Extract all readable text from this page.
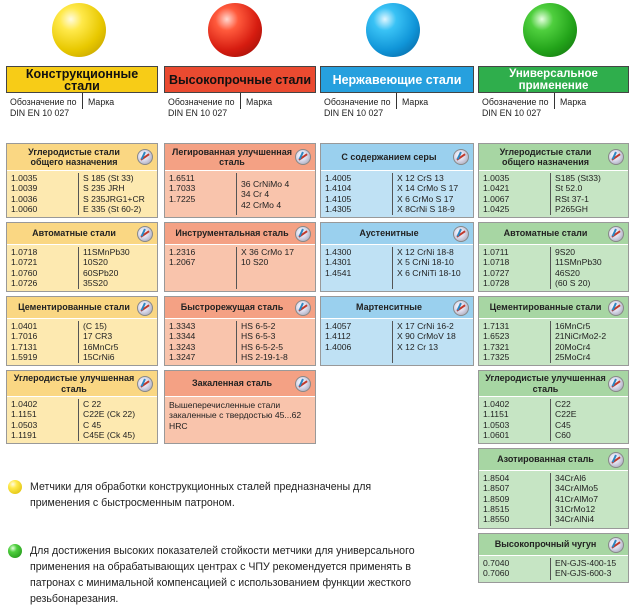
Конструкционные стали
Обозначение по DIN EN 10 027
Марка
Углеродистые стали общего назначения
1.0035
1.0039
1.0036
1.0060
S 185 (St 33)
S 235 JRH
S 235JRG1+CR
E 335 (St 60-2)
Автоматные стали
1.0718
1.0721
1.0760
1.0726
11SMnPb30
10S20
60SPb20
35S20
Цементированные стали
1.0401
1.7016
1.7131
1.5919
(C 15)
17 CR3
16MnCr5
15CrNi6
Углеродистые улучшенная сталь
1.0402
1.1151
1.0503
1.1191
C 22
C22E (Ck 22)
C 45
C45E (Ck 45)
Высокопрочные стали
Обозначение по DIN EN 10 027
Марка
Легированная улучшенная сталь
1.6511
1.7033
1.7225
36 CrNiMo 4
34 Cr 4
42 CrMo 4
Инструментальная сталь
1.2316
1.2067
X 36 CrMo 17
10 S20
Быстрорежущая сталь
1.3343
1.3344
1.3243
1.3247
HS 6-5-2
HS 6-5-3
HS 6-5-2-5
HS 2-19-1-8
Закаленная сталь
Вышеперечисленные стали закаленные с твердостью 45...62 HRC
Нержавеющие стали
Обозначение по DIN EN 10 027
Марка
С содержанием серы
1.4005
1.4104
1.4105
1.4305
X 12 CrS 13
X 14 CrMo S 17
X 6 CrMo S 17
X 8CrNi S 18-9
Аустенитные
1.4300
1.4301
1.4541
X 12 CrNi 18-8
X 5 CrNi 18-10
X 6 CrNiTi 18-10
Мартенситные
1.4057
1.4112
1.4006
X 17 CrNi 16-2
X 90 CrMoV 18
X 12 Cr 13
Универсальное применение
Обозначение по DIN EN 10 027
Марка
Углеродистые стали общего назначения
1.0035
1.0421
1.0067
1.0425
S185 (St33)
St 52.0
RSt 37-1
P265GH
Автоматные стали
1.0711
1.0718
1.0727
1.0728
9S20
11SMnPb30
46S20
(60 S 20)
Цементированные стали
1.7131
1.6523
1.7321
1.7325
16MnCr5
21NiCrMo2-2
20MoCr4
25MoCr4
Углеродистые улучшенная сталь
1.0402
1.1151
1.0503
1.0601
C22
C22E
C45
C60
Азотированная сталь
1.8504
1.8507
1.8509
1.8515
1.8550
34CrAl6
34CrAlMo5
41CrAlMo7
31CrMo12
34CrAlNi4
Высокопрочный чугун
0.7040
0.7060
EN-GJS-400-15
EN-GJS-600-3
Метчики для обработки конструкционных сталей предназначены для
применения с быстросменным патроном.
Для достижения высоких показателей стойкости метчики для универсального
применения на обрабатывающих центрах с ЧПУ рекомендуется применять в
патронах с минимальной компенсацией с использованием функции жесткого
резьбонарезания.
